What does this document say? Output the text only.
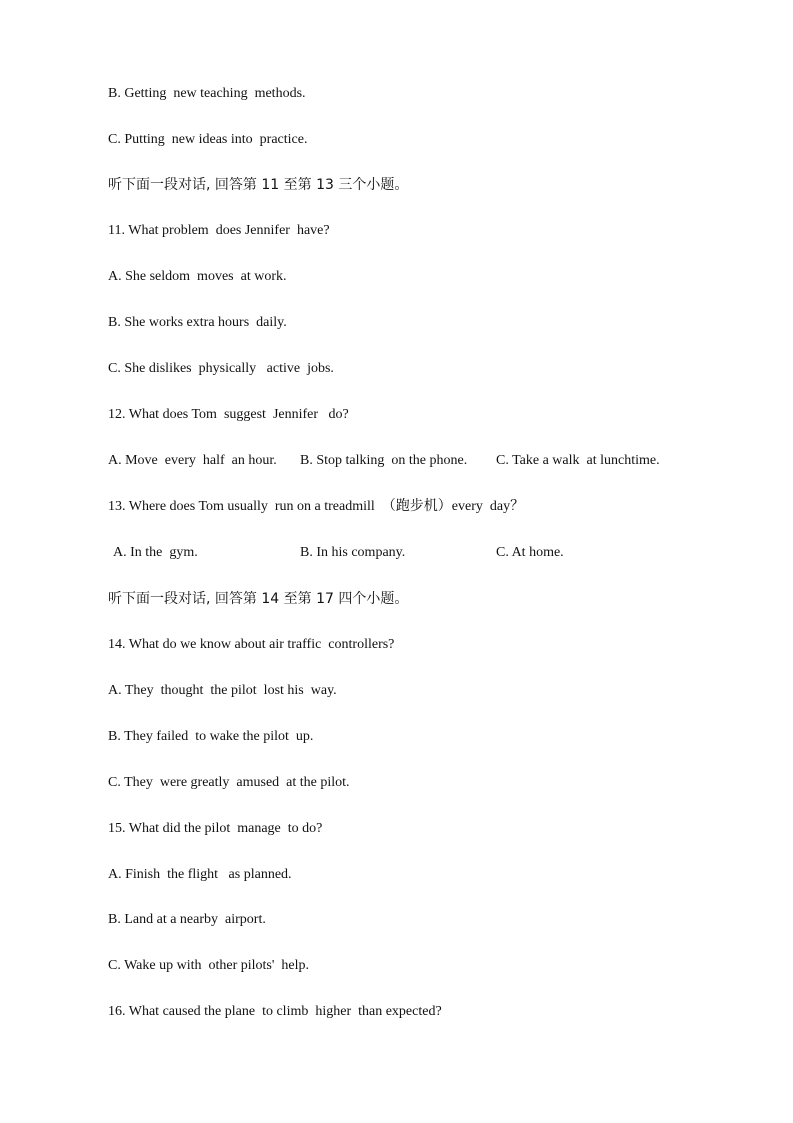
B. Getting  new teaching  methods.

C. Putting  new ideas into  practice.

听下面一段对话, 回答第 11 至第 13 三个小题。

11. What problem  does Jennifer  have?

A. She seldom  moves  at work.

B. She works extra hours  daily.

C. She dislikes  physically   active  jobs.

12. What does Tom  suggest  Jennifer   do?

A. Move  every  half  an hour.

B. Stop talking  on the phone.

C. Take a walk  at lunchtime.

13. Where does Tom usually  run on a treadmill  （跑步机）every  day？

A. In the  gym.

	B. In his company.

	C. At home.

听下面一段对话, 回答第 14 至第 17 四个小题。

14. What do we know about air traffic  controllers?

A. They  thought  the pilot  lost his  way.

B. They failed  to wake the pilot  up.

C. They  were greatly  amused  at the pilot.

15. What did the pilot  manage  to do?

A. Finish  the flight   as planned.

B. Land at a nearby  airport.

C. Wake up with  other pilots'  help.

16. What caused the plane  to climb  higher  than expected?
